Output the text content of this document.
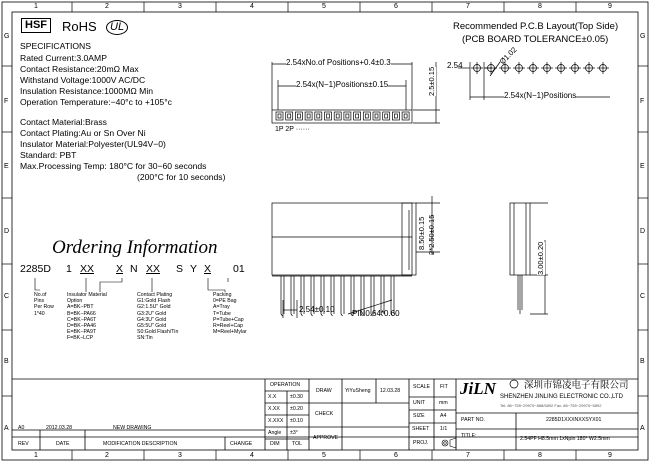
1
1
2
2
3
3
4
4
5
5
6
6
7
7
8
8
9
9
G	G
F	F
E	E
D	D
C	C
B	B
A	A
HSF	RoHS	UL
SPECIFICATIONS
Rated Current:3.0AMP
Contact Resistance:20mΩ Max
Withstand Voltage:1000V AC/DC
Insulation Resistance:1000MΩ Min
Operation Temperature:−40°c to +105°c
Contact Material:Brass
Contact Plating:Au or Sn Over Ni
Insulator Material:Polyester(UL94V−0)
Standard: PBT
Max.Processing Temp: 180°C for 30−60 seconds
(200°C for 10 seconds)
Ordering Information
2285D 1 XX X N XX S Y X 01
No.of
Pins
Per Row
1*40
Insulator Material
Option
A=BK−PBT
B=BK−PA66
C=BK−PA6T
D=BK−PA46
E=BK−PA9T
F=BK−LCP
Contact Plating
G1:Gold Flash
G2:1.5U" Gold
G3:2U" Gold
G4:3U" Gold
G5:5U" Gold
S0:Gold Flash/Tin
SN:Tin
Packing
0=PE Bag
A=Tray
T=Tube
P=Tube+Cap
R=Reel+Cap
M=Reel+Mylar
Recommended P.C.B Layout(Top Side)
(PCB BOARD TOLERANCE±0.05)
2.54	Ø1.02
2.54x(N−1)Positions
2.54xNo.of Positions+0.4±0.3
2.54x(N−1)Positions±0.15	2.5±0.15
1P 2P ······
2.54±0.10 PIN0.64*0.60
8.50±0.15 2*2.50±0.15
3.00±0.20
OPERATION
X.X	±0.30
X.XX ±0.20
X.XXX ±0.10
Angle ±3°
DIM TOL
DRAW	YiYuSheng 12.03.28
CHECK
APPROVE
SCALE FIT
UNIT	mm
SIZE	A4
SHEET 1/1
PROJ.
JiLN	深圳市锦凌电子有限公司
SHENZHEN JINLING ELECTRONIC CO.,LTD
Tel: 86−755−29970−888/5892 Fax: 86−755−29970−5892
PART NO.	2285D1XXXNXXSYX01
TITLE:	2.54PF H8.5mm 1xNpin 180° W2.5mm
A0	2012.03.28	NEW DRAWING
REV	DATE	MODIFICATION DESCRIPTION	CHANGE
